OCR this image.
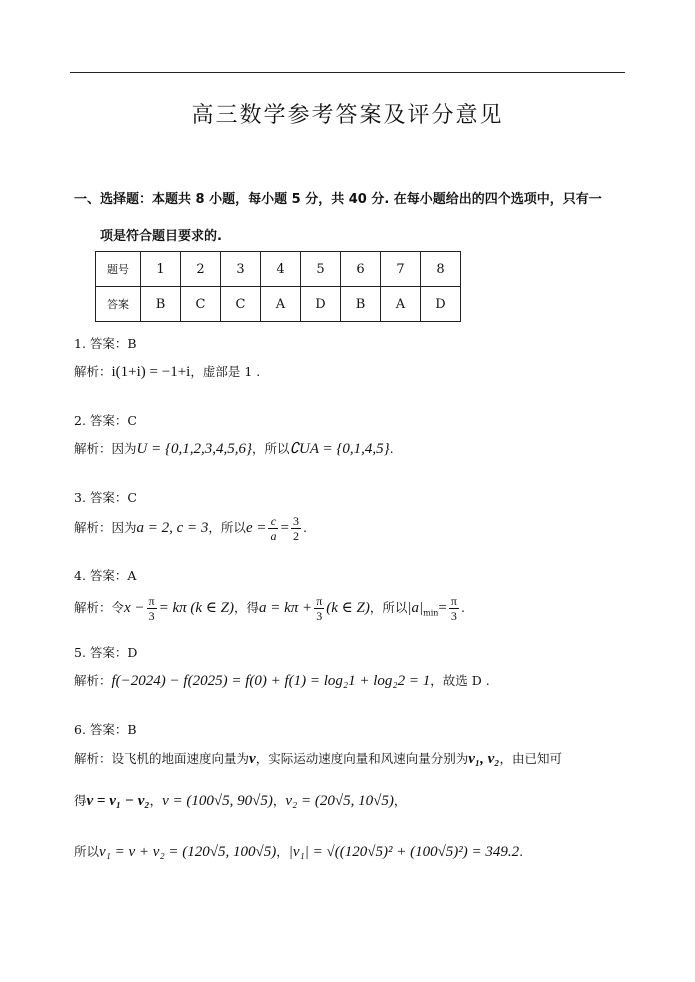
高三数学参考答案及评分意见
一、选择题：本题共 8 小题，每小题 5 分，共 40 分. 在每小题给出的四个选项中，只有一
项是符合题目要求的.
题号	1	2	3	4	5	6	7	8
答案	B	C	C	A	D	B	A	D
1. 答案：B
解析：i(1+i) = −1+i，虚部是 1 .
2. 答案：C
解析：因为U = {0,1,2,3,4,5,6}，所以∁UA = {0,1,4,5}.
3. 答案：C
解析：因为a = 2, c = 3，所以$e = \frac{c}{a} = \frac{3}{2}$ .
4. 答案：A
解析：令$x - \frac{\pi}{3} = k\pi$ (k ∈ Z)，得$a = k\pi + \frac{\pi}{3} (k$ ∈ Z)，所以$|a|_{min}= \frac{\pi}{3}$ .
5. 答案：D
解析：f(−2024) − f(2025) = f(0) + f(1) = log₂1 + log₂2 = 1，故选 D .
6. 答案：B
解析：设飞机的地面速度向量为v，实际运动速度向量和风速向量分别为v₁, v₂，由已知可
得v = v₁ − v₂，v = (100√5, 90√5)，v₂ = (20√5, 10√5)，
所以v₁ = v + v₂ = (120√5, 100√5)，|v₁| = √((120√5)² + (100√5)²) = 349.2.
